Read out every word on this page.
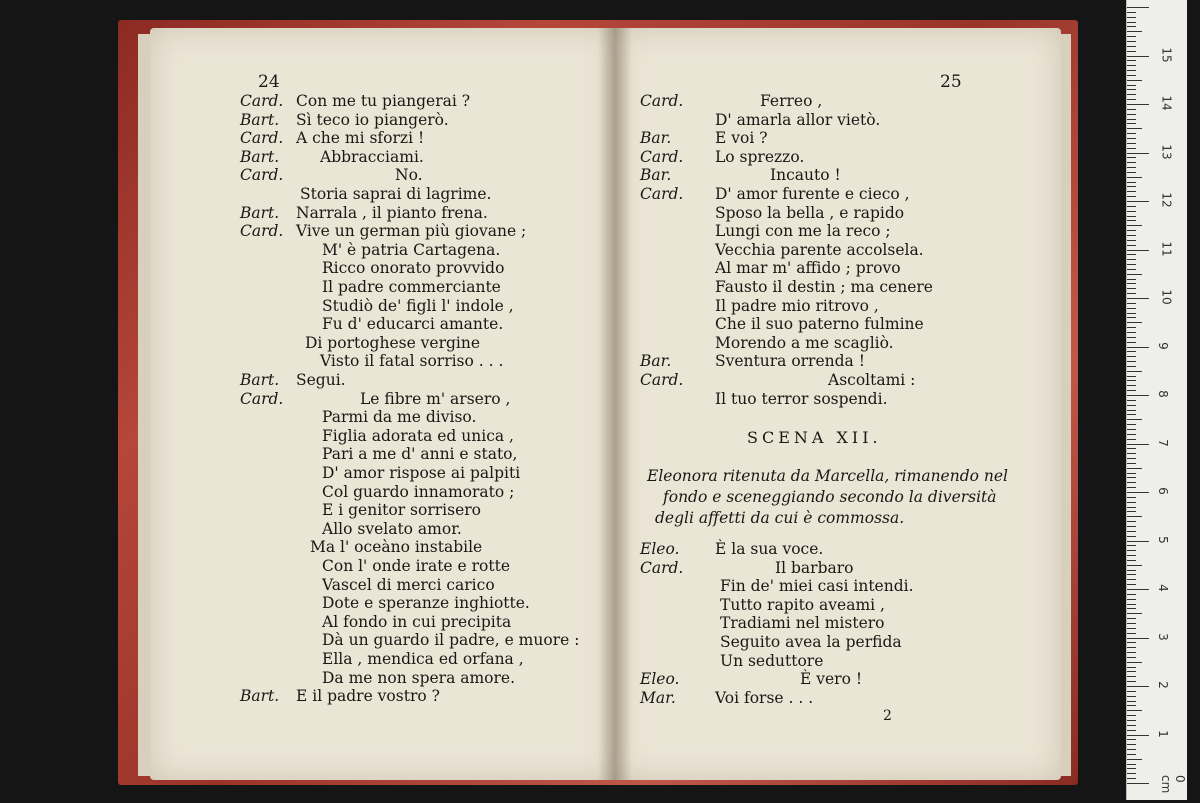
24
Card. Con me tu piangerai ?
Bart. Sì teco io piangerò.
Card. A che mi sforzi !
Bart.	Abbracciami.
Card.	No.
Storia saprai di lagrime.
Bart. Narrala , il pianto frena.
Card. Vive un german più giovane ;
M' è patria Cartagena.
Ricco onorato provvido
Il padre commerciante
Studiò de' figli l' indole ,
Fu d' educarci amante.
Di portoghese vergine
Visto il fatal sorriso . . .
Bart. Segui.
Card.	Le fibre m' arsero ,
Parmi da me diviso.
Figlia adorata ed unica ,
Pari a me d' anni e stato,
D' amor rispose ai palpiti
Col guardo innamorato ;
E i genitor sorrisero
Allo svelato amor.
Ma l' oceàno instabile
Con l' onde irate e rotte
Vascel di merci carico
Dote e speranze inghiotte.
Al fondo in cui precipita
Dà un guardo il padre, e muore :
Ella , mendica ed orfana ,
Da me non spera amore.
Bart. E il padre vostro ?
25
Card.	Ferreo ,
D' amarla allor vietò.
Bar.	E voi ?
Card. Lo sprezzo.
Bar.	Incauto !
Card. D' amor furente e cieco ,
Sposo la bella , e rapido
Lungi con me la reco ;
Vecchia parente accolsela.
Al mar m' affido ; provo
Fausto il destin ; ma cenere
Il padre mio ritrovo ,
Che il suo paterno fulmine
Morendo a me scagliò.
Bar.	Sventura orrenda !
Card.	Ascoltami :
Il tuo terror sospendi.
SCENA XII.
Eleonora ritenuta da Marcella, rimanendo nel
fondo e sceneggiando secondo la diversità
degli affetti da cui è commossa.
Eleo. È la sua voce.
Card.	Il barbaro
Fin de' miei casi intendi.
Tutto rapito aveami ,
Tradiami nel mistero
Seguito avea la perfida
Un seduttore
Eleo.	È vero !
Mar.	Voi forse . . .
2
0 cm
1
2
3
4
5
6
7
8
9
10
11
12
13
14
15
